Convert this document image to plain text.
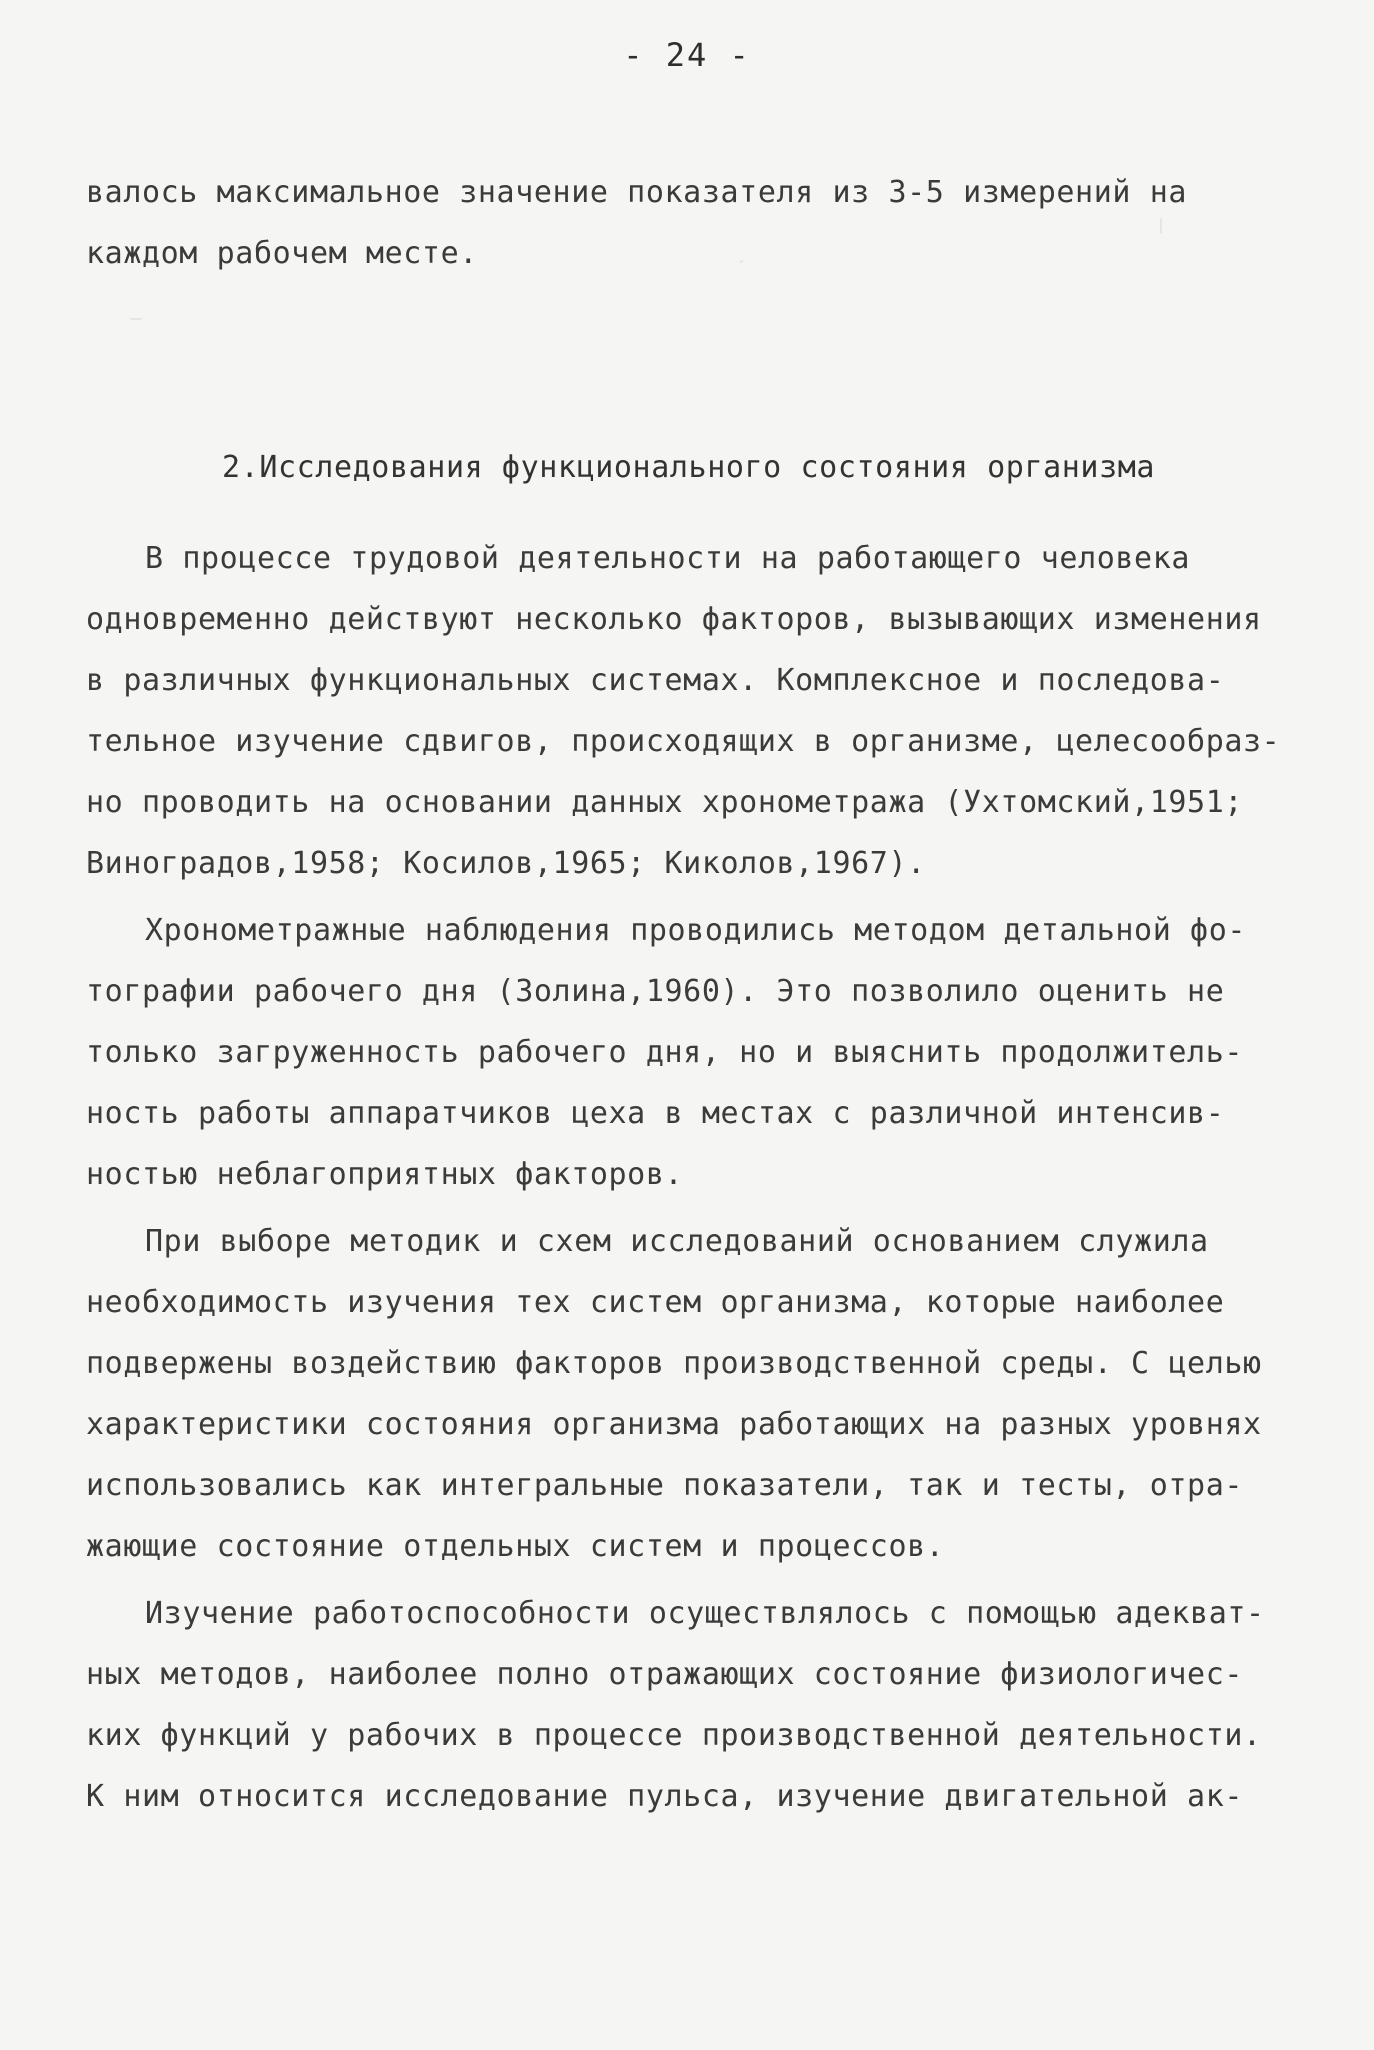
- 24 -
валось максимальное значение показателя из 3-5 измерений на
каждом рабочем месте.
2.Исследования функционального состояния организма
В процессе трудовой деятельности на работающего человека
одновременно действуют несколько факторов, вызывающих изменения
в различных функциональных системах. Комплексное и последова-
тельное изучение сдвигов, происходящих в организме, целесообраз-
но проводить на основании данных хронометража (Ухтомский,1951;
Виноградов,1958; Косилов,1965; Киколов,1967).
Хронометражные наблюдения проводились методом детальной фо-
тографии рабочего дня (Золина,1960). Это позволило оценить не
только загруженность рабочего дня, но и выяснить продолжитель-
ность работы аппаратчиков цеха в местах с различной интенсив-
ностью неблагоприятных факторов.
При выборе методик и схем исследований основанием служила
необходимость изучения тех систем организма, которые наиболее
подвержены воздействию факторов производственной среды. С целью
характеристики состояния организма работающих на разных уровнях
использовались как интегральные показатели, так и тесты, отра-
жающие состояние отдельных систем и процессов.
Изучение работоспособности осуществлялось с помощью адекват-
ных методов, наиболее полно отражающих состояние физиологичес-
ких функций у рабочих в процессе производственной деятельности.
К ним относится исследование пульса, изучение двигательной ак-
